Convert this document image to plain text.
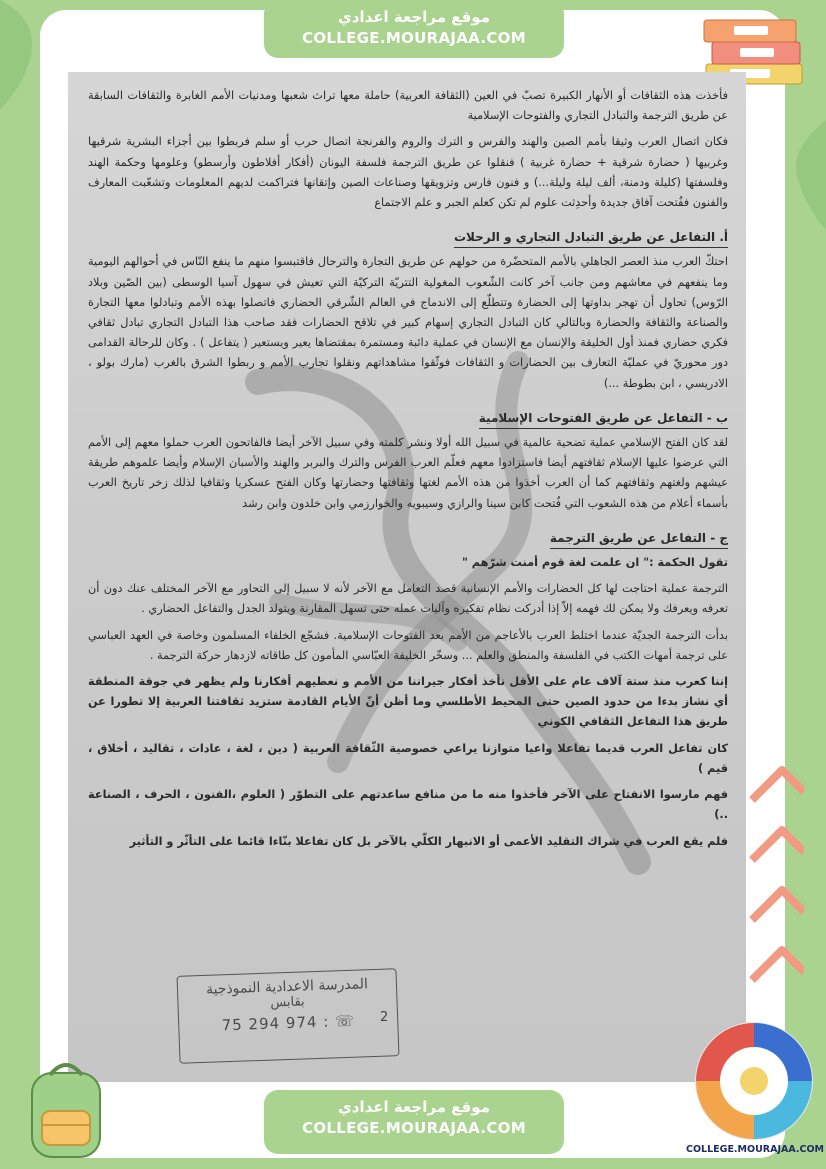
موقع مراجعة اعدادي
COLLEGE.MOURAJAA.COM

فأخذت هذه الثقافات أو الأنهار الكبيرة تصبّ في العين (الثقافة العربية) حاملة معها تراث شعبها ومدنيات الأمم الغابرة والثقافات السابقة عن طريق الترجمة والتبادل التجاري والفتوحات الإسلامية

فكان اتصال العرب وثيقا بأمم الصين والهند والفرس و الترك والروم والفرنجة اتصال حرب أو سلم فربطوا بين أجزاء البشرية شرقيها وغربيها ( حضارة شرقية + حضارة غربية ) فنقلوا عن طريق الترجمة فلسفة اليونان (أفكار أفلاطون وأرسطو) وعلومها وحكمة الهند وفلسفتها (كليلة ودمنة، ألف ليلة وليلة...) و فنون فارس وتزويقها وصناعات الصين وإتقانها فتراكمت لديهم المعلومات وتشعّبت المعارف والفنون ففُتحت آفاق جديدة وأحدِثت علوم لم تكن كعلم الجبر و علم الاجتماع

أ. التفاعل عن طريق التبادل التجاري و الرحلات

احتكّ العرب منذ العصر الجاهلي بالأمم المتحضّرة من حولهم عن طريق التجارة والترحال فاقتبسوا منهم ما ينفع النّاس في أحوالهم اليومية وما ينفعهم في معاشهم ومن جانب آخر كانت الشّعوب المغولية التتريّة التركيّة التي تعيش في سهول آسيا الوسطى (بين الصّين وبلاد الرّوس) تحاول أن تهجر بداوتها إلى الحضارة وتتطلّع إلى الاندماج في العالم الشّرقي الحضاري فاتصلوا بهذه الأمم وتبادلوا معها التجارة والصناعة والثقافة والحضارة وبالتالي كان التبادل التجاري إسهام كبير في تلاقح الحضارات فقد صاحب هذا التبادل التجاري تبادل ثقافي فكري حضاري فمنذ أول الخليقة والإنسان مع الإنسان في عملية دائبة ومستمرة بمقتضاها يعير ويستعير ( يتفاعل ) . وكان للرحالة القدامى دور محوريّ في عمليّة التعارف بين الحضارات و الثقافات فوثّقوا مشاهداتهم ونقلوا تجارب الأمم و ربطوا الشرق بالغرب (مارك بولو ، الادريسي ، ابن بطوطة ...)

ب - التفاعل عن طريق الفتوحات الإسلامية

لقد كان الفتح الإسلامي عملية تضحية عالمية في سبيل الله أولا ونشر كلمته وفي سبيل الآخر أيضا فالفاتحون العرب حملوا معهم إلى الأمم التي عرضوا عليها الإسلام ثقافتهم أيضا فاستزادوا معهم فعلّم العرب الفرس والترك والبربر والهند والأسبان الإسلام وأيضا علموهم طريقة عيشهم ولغتهم وثقافتهم كما أن العرب أخذوا من هذه الأمم لغتها وثقافتها وحضارتها وكان الفتح عسكريا وثقافيا لذلك زخر تاريخ العرب بأسماء أعلام من هذه الشعوب التي فُتحت كابن سينا والرازي وسيبويه والخوارزمي وابن خلدون وابن رشد

ج - التفاعل عن طريق الترجمة

تقول الحكمة :" ان علمت لغة قوم أمنت شرّهم "

الترجمة عملية احتاجت لها كل الحضارات والأمم الإنسانية قصد التعامل مع الآخر لأنه لا سبيل إلى التحاور مع الآخر المختلف عنك دون أن تعرفه ويعرفك ولا يمكن لك فهمه إلاّ إذا أدركت نظام تفكيره وآليات عمله حتى تسهل المقارنة ويتولد الجدل والتفاعل الحضاري .

بدأت الترجمة الجديّة عندما اختلط العرب بالأعاجم من الأمم بعد الفتوحات الإسلامية. فشجّع الخلفاء المسلمون وخاصة في العهد العباسي على ترجمة أمهات الكتب في الفلسفة والمنطق والعلم ... وسخّر الخليفة العبّاسي المأمون كل طاقاته لازدهار حركة الترجمة .

إننا كعرب منذ ستة آلاف عام على الأقل نأخذ أفكار جيراننا من الأمم و نعطيهم أفكارنا ولم يظهر في جوقة المنطقة أي نشاز بدءا من حدود الصين حتى المحيط الأطلسي وما أظن أنّ الأيام القادمة ستزيد ثقافتنا العربية إلا تطورا عن طريق هذا التفاعل الثقافي الكوني

كان تفاعل العرب قديما تفاعلا واعيا متوازنا يراعي خصوصية الثّقافة العربية ( دين ، لغة ، عادات ، تقاليد ، أخلاق ، قيم )

فهم مارسوا الانفتاح على الآخر فأخذوا منه ما من منافع ساعدتهم على التطوّر ( العلوم ،الفنون ، الحرف ، الصناعة ..)

فلم يقع العرب في شراك التقليد الأعمى أو الانبهار الكلّي بالآخر بل كان تفاعلا بنّاءا قائما على التأثّر و التأثير

المدرسة الاعدادية النموذجية
بقابس
75 294 974 : ☏	2
موقع مراجعة اعدادي
COLLEGE.MOURAJAA.COM
COLLEGE.MOURAJAA.COM
